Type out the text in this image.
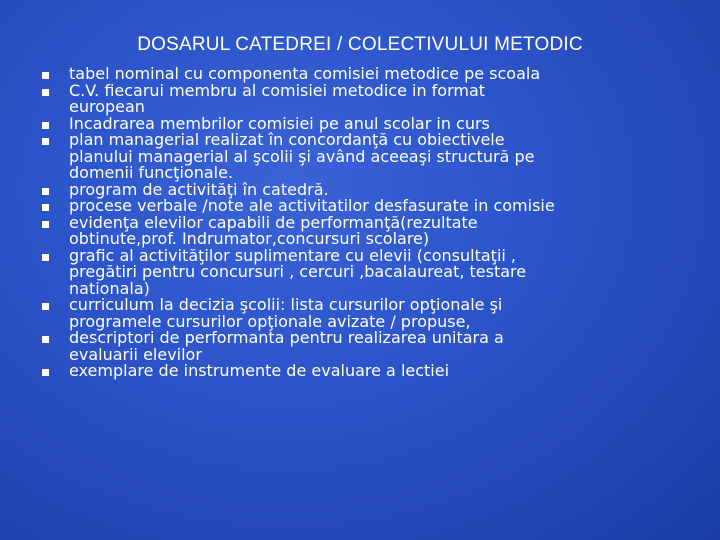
DOSARUL CATEDREI / COLECTIVULUI METODIC
tabel nominal cu componenta comisiei metodice pe scoala
C.V. fiecarui membru al comisiei metodice in format
european
Incadrarea membrilor comisiei pe anul scolar in curs
plan managerial realizat în concordanţă cu obiectivele
planului managerial al şcolii şi având aceeaşi structură pe
domenii funcţionale.
program de activităţi în catedră.
procese verbale /note ale activitatilor desfasurate in comisie
evidenţa elevilor capabili de performanţă(rezultate
obtinute,prof. Indrumator,concursuri scolare)
grafic al activităţilor suplimentare cu elevii (consultaţii ,
pregătiri pentru concursuri , cercuri ,bacalaureat, testare
nationala)
curriculum la decizia şcolii: lista cursurilor opţionale şi
programele cursurilor opţionale avizate / propuse,
descriptori de performanta pentru realizarea unitara a
evaluarii elevilor
exemplare de instrumente de evaluare a lectiei
